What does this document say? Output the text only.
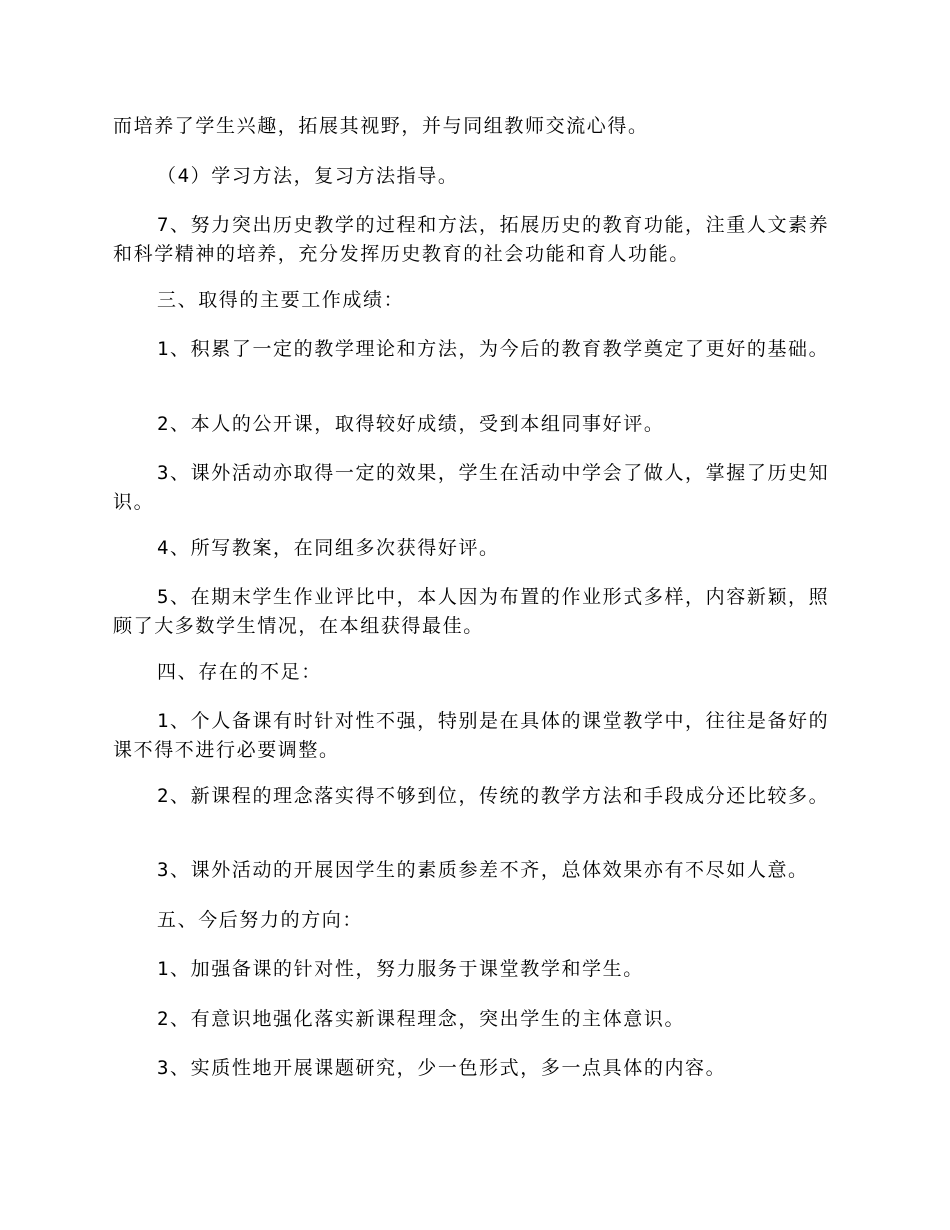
而培养了学生兴趣，拓展其视野，并与同组教师交流心得。

（4）学习方法，复习方法指导。

7、努力突出历史教学的过程和方法，拓展历史的教育功能，注重人文素养和科学精神的培养，充分发挥历史教育的社会功能和育人功能。

三、取得的主要工作成绩：

1、积累了一定的教学理论和方法，为今后的教育教学奠定了更好的基础。

2、本人的公开课，取得较好成绩，受到本组同事好评。

3、课外活动亦取得一定的效果，学生在活动中学会了做人，掌握了历史知识。

4、所写教案，在同组多次获得好评。

5、在期末学生作业评比中，本人因为布置的作业形式多样，内容新颖，照顾了大多数学生情况，在本组获得最佳。

四、存在的不足：

1、个人备课有时针对性不强，特别是在具体的课堂教学中，往往是备好的课不得不进行必要调整。

2、新课程的理念落实得不够到位，传统的教学方法和手段成分还比较多。

3、课外活动的开展因学生的素质参差不齐，总体效果亦有不尽如人意。

五、今后努力的方向：

1、加强备课的针对性，努力服务于课堂教学和学生。

2、有意识地强化落实新课程理念，突出学生的主体意识。

3、实质性地开展课题研究，少一色形式，多一点具体的内容。
